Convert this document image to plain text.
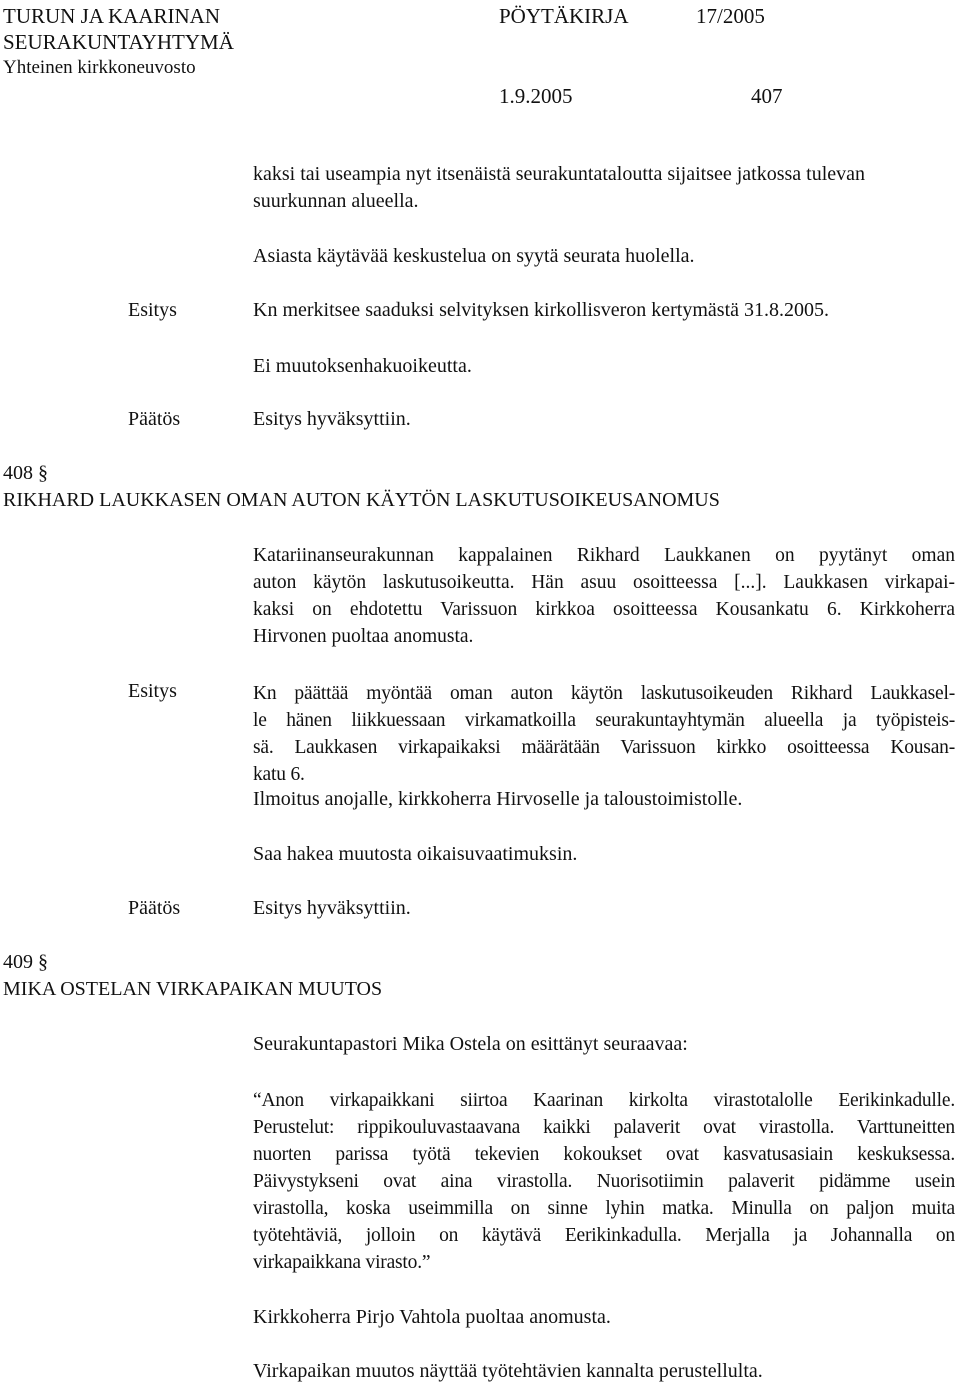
TURUN JA KAARINAN
SEURAKUNTAYHTYMÄ
Yhteinen kirkkoneuvosto
PÖYTÄKIRJA	17/2005
1.9.2005	407
kaksi tai useampia nyt itsenäistä seurakuntataloutta sijaitsee jatkossa tulevan
suurkunnan alueella.
Asiasta käytävää keskustelua on syytä seurata huolella.
Esitys	Kn merkitsee saaduksi selvityksen kirkollisveron kertymästä 31.8.2005.
Ei muutoksenhakuoikeutta.
Päätös	Esitys hyväksyttiin.
408 §
RIKHARD LAUKKASEN OMAN AUTON KÄYTÖN LASKUTUSOIKEUSANOMUS
Katariinanseurakunnan kappalainen Rikhard Laukkanen on pyytänyt oman
auton käytön laskutusoikeutta. Hän asuu osoitteessa [...]. Laukkasen virkapai-
kaksi on ehdotettu Varissuon kirkkoa osoitteessa Kousankatu 6. Kirkkoherra
Hirvonen puoltaa anomusta.
Esitys	Kn päättää myöntää oman auton käytön laskutusoikeuden Rikhard Laukkasel-
le hänen liikkuessaan virkamatkoilla seurakuntayhtymän alueella ja työpisteis-
sä. Laukkasen virkapaikaksi määrätään Varissuon kirkko osoitteessa Kousan-
katu 6.
Ilmoitus anojalle, kirkkoherra Hirvoselle ja taloustoimistolle.
Saa hakea muutosta oikaisuvaatimuksin.
Päätös	Esitys hyväksyttiin.
409 §
MIKA OSTELAN VIRKAPAIKAN MUUTOS
Seurakuntapastori Mika Ostela on esittänyt seuraavaa:
“Anon virkapaikkani siirtoa Kaarinan kirkolta virastotalolle Eerikinkadulle.
Perustelut: rippikouluvastaavana kaikki palaverit ovat virastolla. Varttuneitten
nuorten parissa työtä tekevien kokoukset ovat kasvatusasiain keskuksessa.
Päivystykseni ovat aina virastolla. Nuorisotiimin palaverit pidämme usein
virastolla, koska useimmilla on sinne lyhin matka. Minulla on paljon muita
työtehtäviä, jolloin on käytävä Eerikinkadulla. Merjalla ja Johannalla on
virkapaikkana virasto.”
Kirkkoherra Pirjo Vahtola puoltaa anomusta.
Virkapaikan muutos näyttää työtehtävien kannalta perustellulta.
